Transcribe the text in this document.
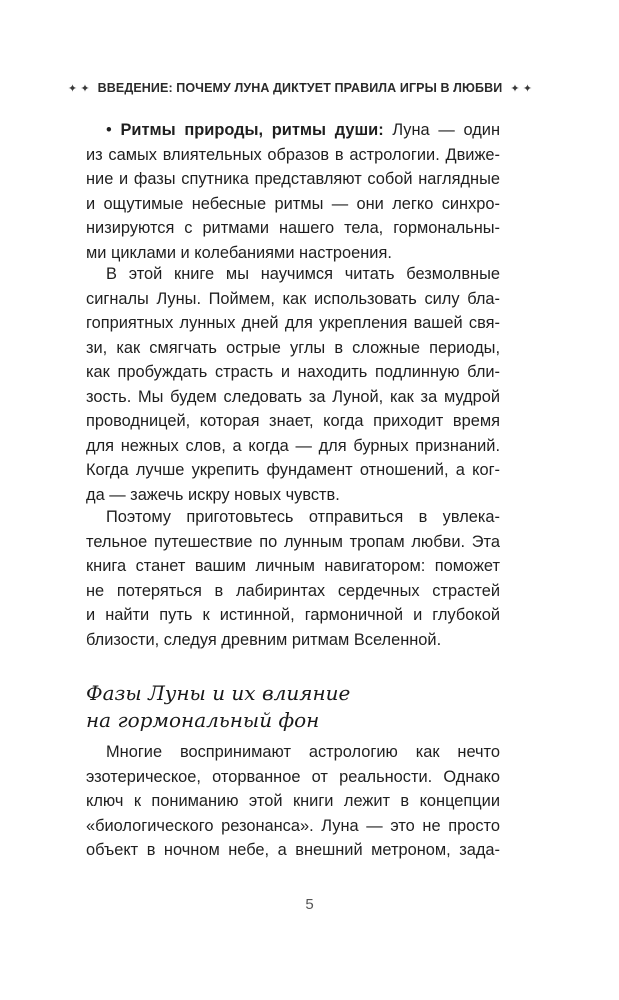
✦ ✦ ВВЕДЕНИЕ: ПОЧЕМУ ЛУНА ДИКТУЕТ ПРАВИЛА ИГРЫ В ЛЮБВИ ✦ ✦
• Ритмы природы, ритмы души: Луна — один
из самых влиятельных образов в астрологии. Движе-
ние и фазы спутника представляют собой наглядные
и ощутимые небесные ритмы — они легко синхро-
низируются с ритмами нашего тела, гормональны-
ми циклами и колебаниями настроения.
В этой книге мы научимся читать безмолвные
сигналы Луны. Поймем, как использовать силу бла-
гоприятных лунных дней для укрепления вашей свя-
зи, как смягчать острые углы в сложные периоды,
как пробуждать страсть и находить подлинную бли-
зость. Мы будем следовать за Луной, как за мудрой
проводницей, которая знает, когда приходит время
для нежных слов, а когда — для бурных признаний.
Когда лучше укрепить фундамент отношений, а ког-
да — зажечь искру новых чувств.
Поэтому приготовьтесь отправиться в увлека-
тельное путешествие по лунным тропам любви. Эта
книга станет вашим личным навигатором: поможет
не потеряться в лабиринтах сердечных страстей
и найти путь к истинной, гармоничной и глубокой
близости, следуя древним ритмам Вселенной.
Фазы Луны и их влияние
на гормональный фон
Многие воспринимают астрологию как нечто
эзотерическое, оторванное от реальности. Однако
ключ к пониманию этой книги лежит в концепции
«биологического резонанса». Луна — это не просто
объект в ночном небе, а внешний метроном, зада-
5
